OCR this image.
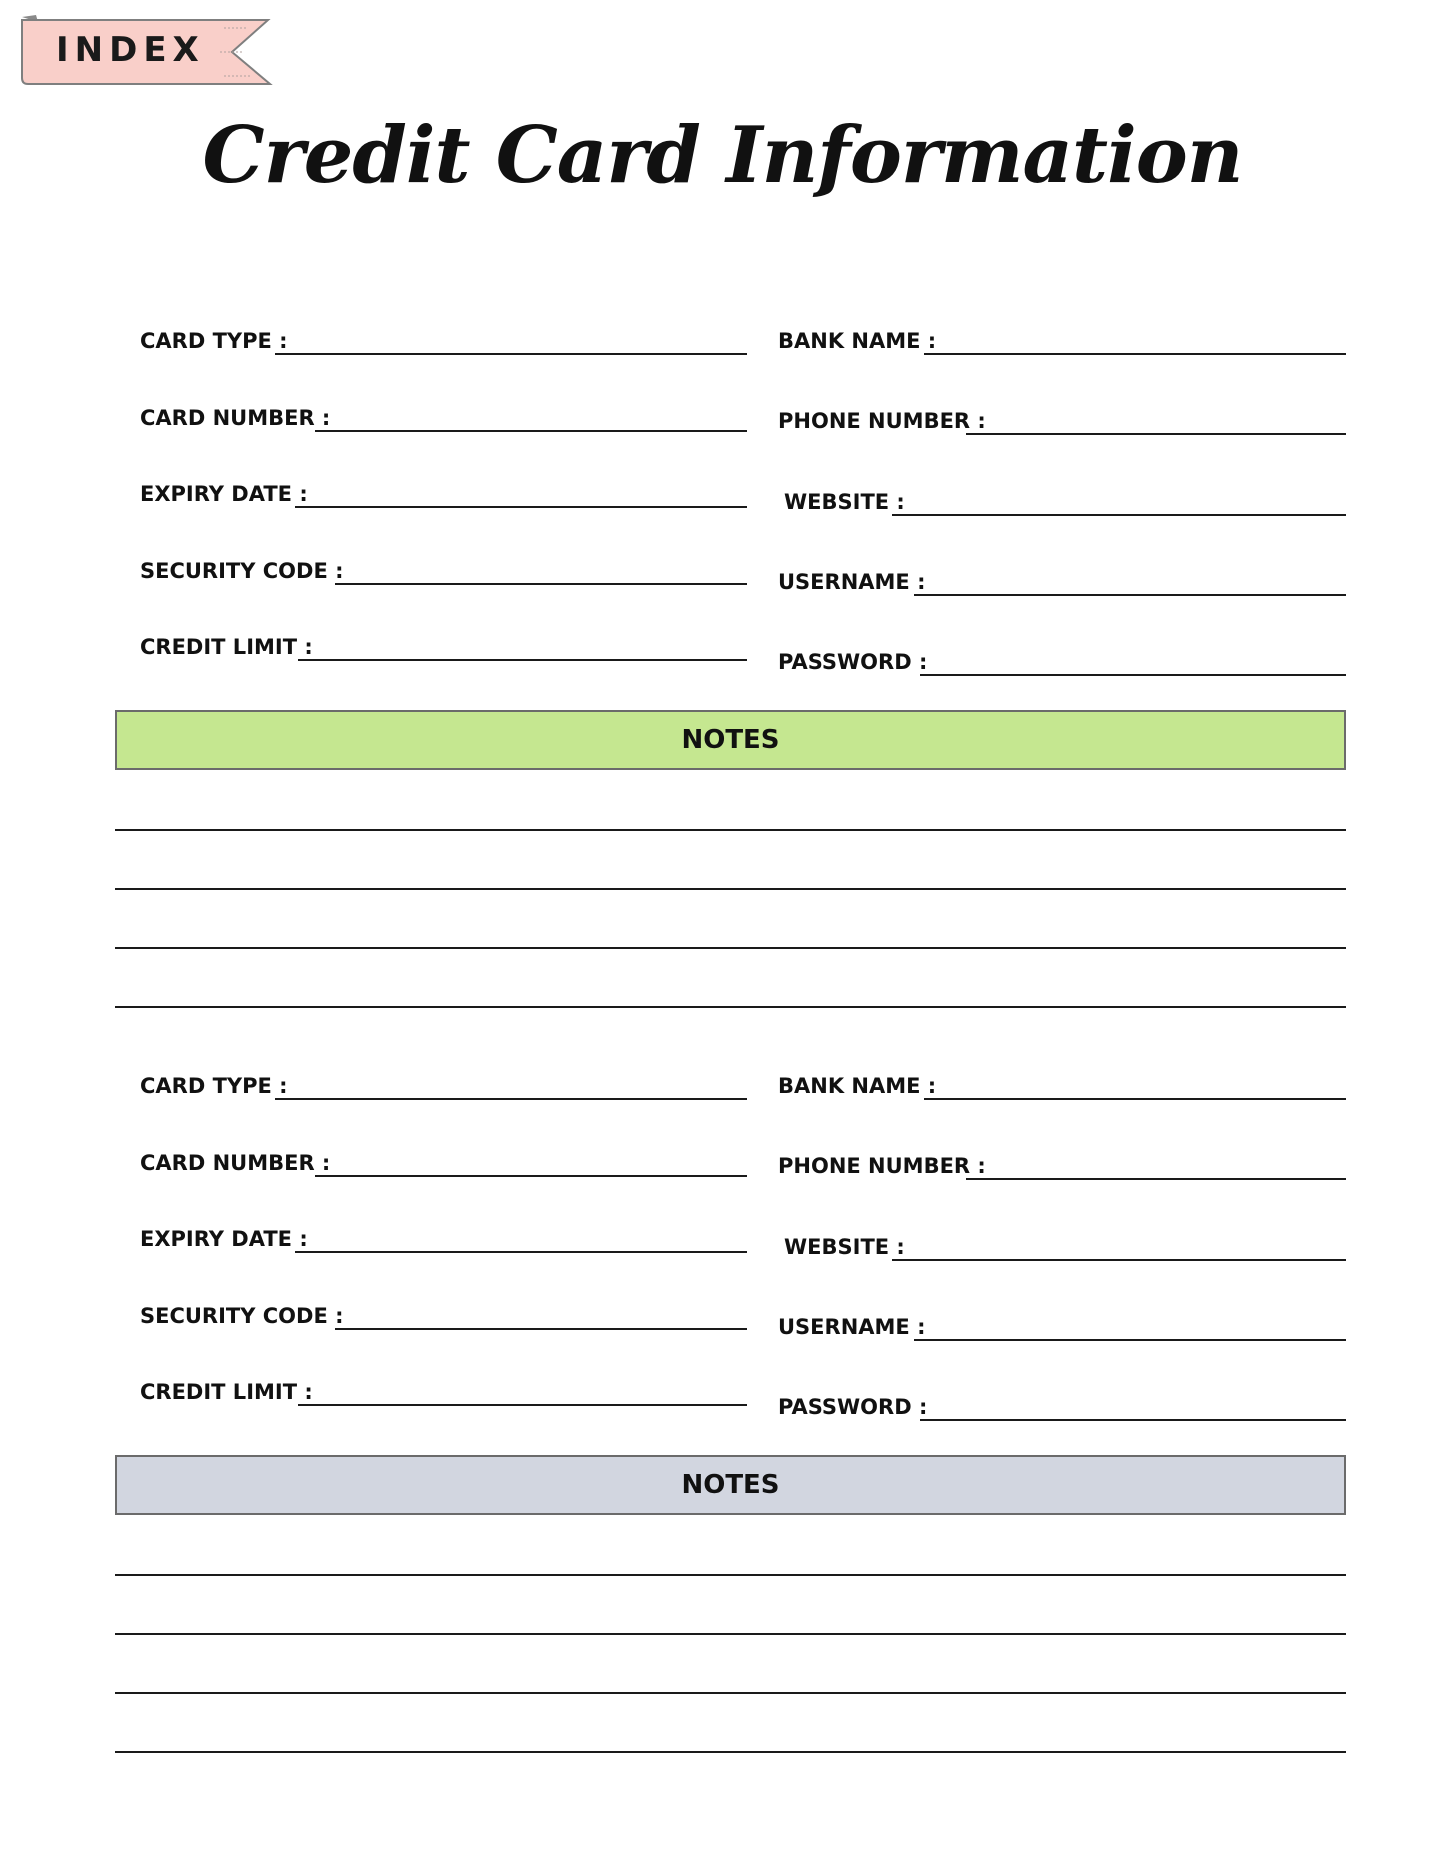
INDEX
Credit Card Information
CARD TYPE :
CARD NUMBER :
EXPIRY DATE :
SECURITY CODE :
CREDIT LIMIT :
BANK NAME :
PHONE NUMBER :
WEBSITE :
USERNAME :
PASSWORD :
NOTES
CARD TYPE :
CARD NUMBER :
EXPIRY DATE :
SECURITY CODE :
CREDIT LIMIT :
BANK NAME :
PHONE NUMBER :
WEBSITE :
USERNAME :
PASSWORD :
NOTES
